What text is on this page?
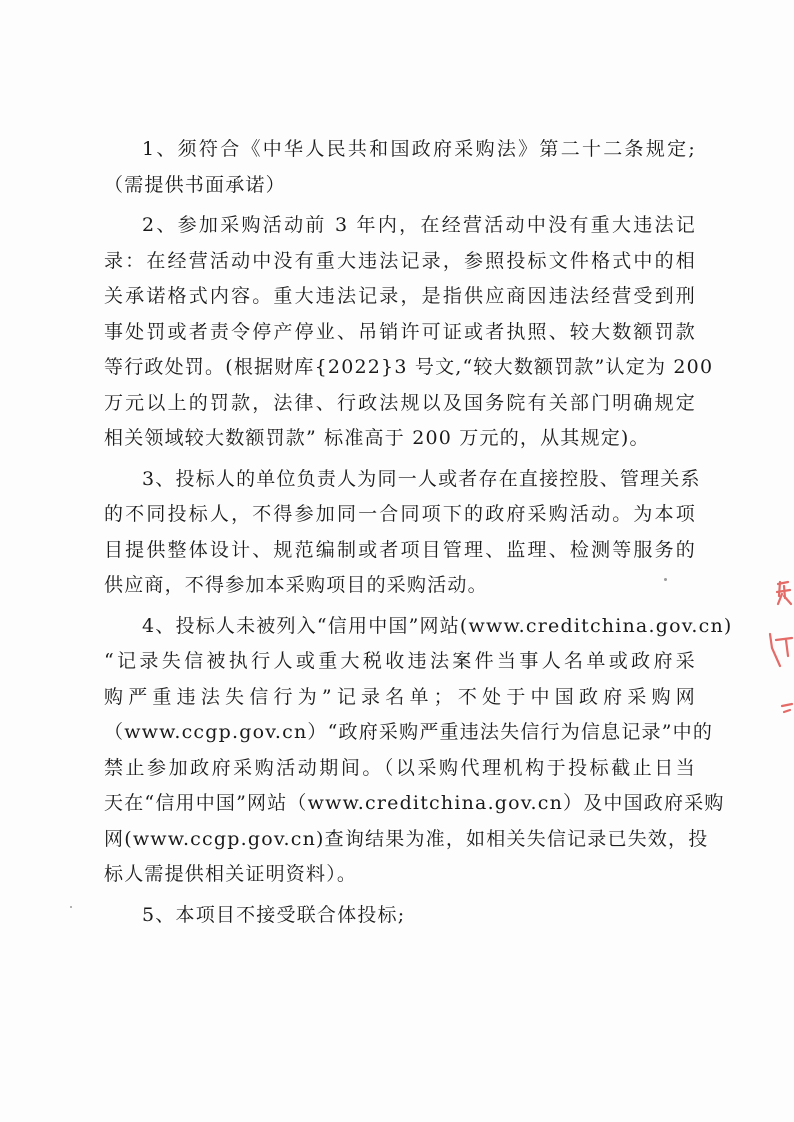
1、须符合《中华人民共和国政府采购法》第二十二条规定;
（需提供书面承诺）

2、参加采购活动前 3 年内，在经营活动中没有重大违法记
录：在经营活动中没有重大违法记录，参照投标文件格式中的相
关承诺格式内容。重大违法记录，是指供应商因违法经营受到刑
事处罚或者责令停产停业、吊销许可证或者执照、较大数额罚款
等行政处罚。(根据财库{2022}3 号文,“较大数额罚款”认定为 200
万元以上的罚款，法律、行政法规以及国务院有关部门明确规定
相关领域较大数额罚款” 标准高于 200 万元的，从其规定)。

3、投标人的单位负责人为同一人或者存在直接控股、管理关系
的不同投标人，不得参加同一合同项下的政府采购活动。为本项
目提供整体设计、规范编制或者项目管理、监理、检测等服务的
供应商，不得参加本采购项目的采购活动。

4、投标人未被列入“信用中国”网站(www.creditchina.gov.cn)
“记录失信被执行人或重大税收违法案件当事人名单或政府采
购严重违法失信行为”记录名单；不处于中国政府采购网
（www.ccgp.gov.cn）“政府采购严重违法失信行为信息记录”中的
禁止参加政府采购活动期间。（以采购代理机构于投标截止日当
天在“信用中国”网站（www.creditchina.gov.cn）及中国政府采购
网(www.ccgp.gov.cn)查询结果为准，如相关失信记录已失效，投
标人需提供相关证明资料）。

5、本项目不接受联合体投标;
